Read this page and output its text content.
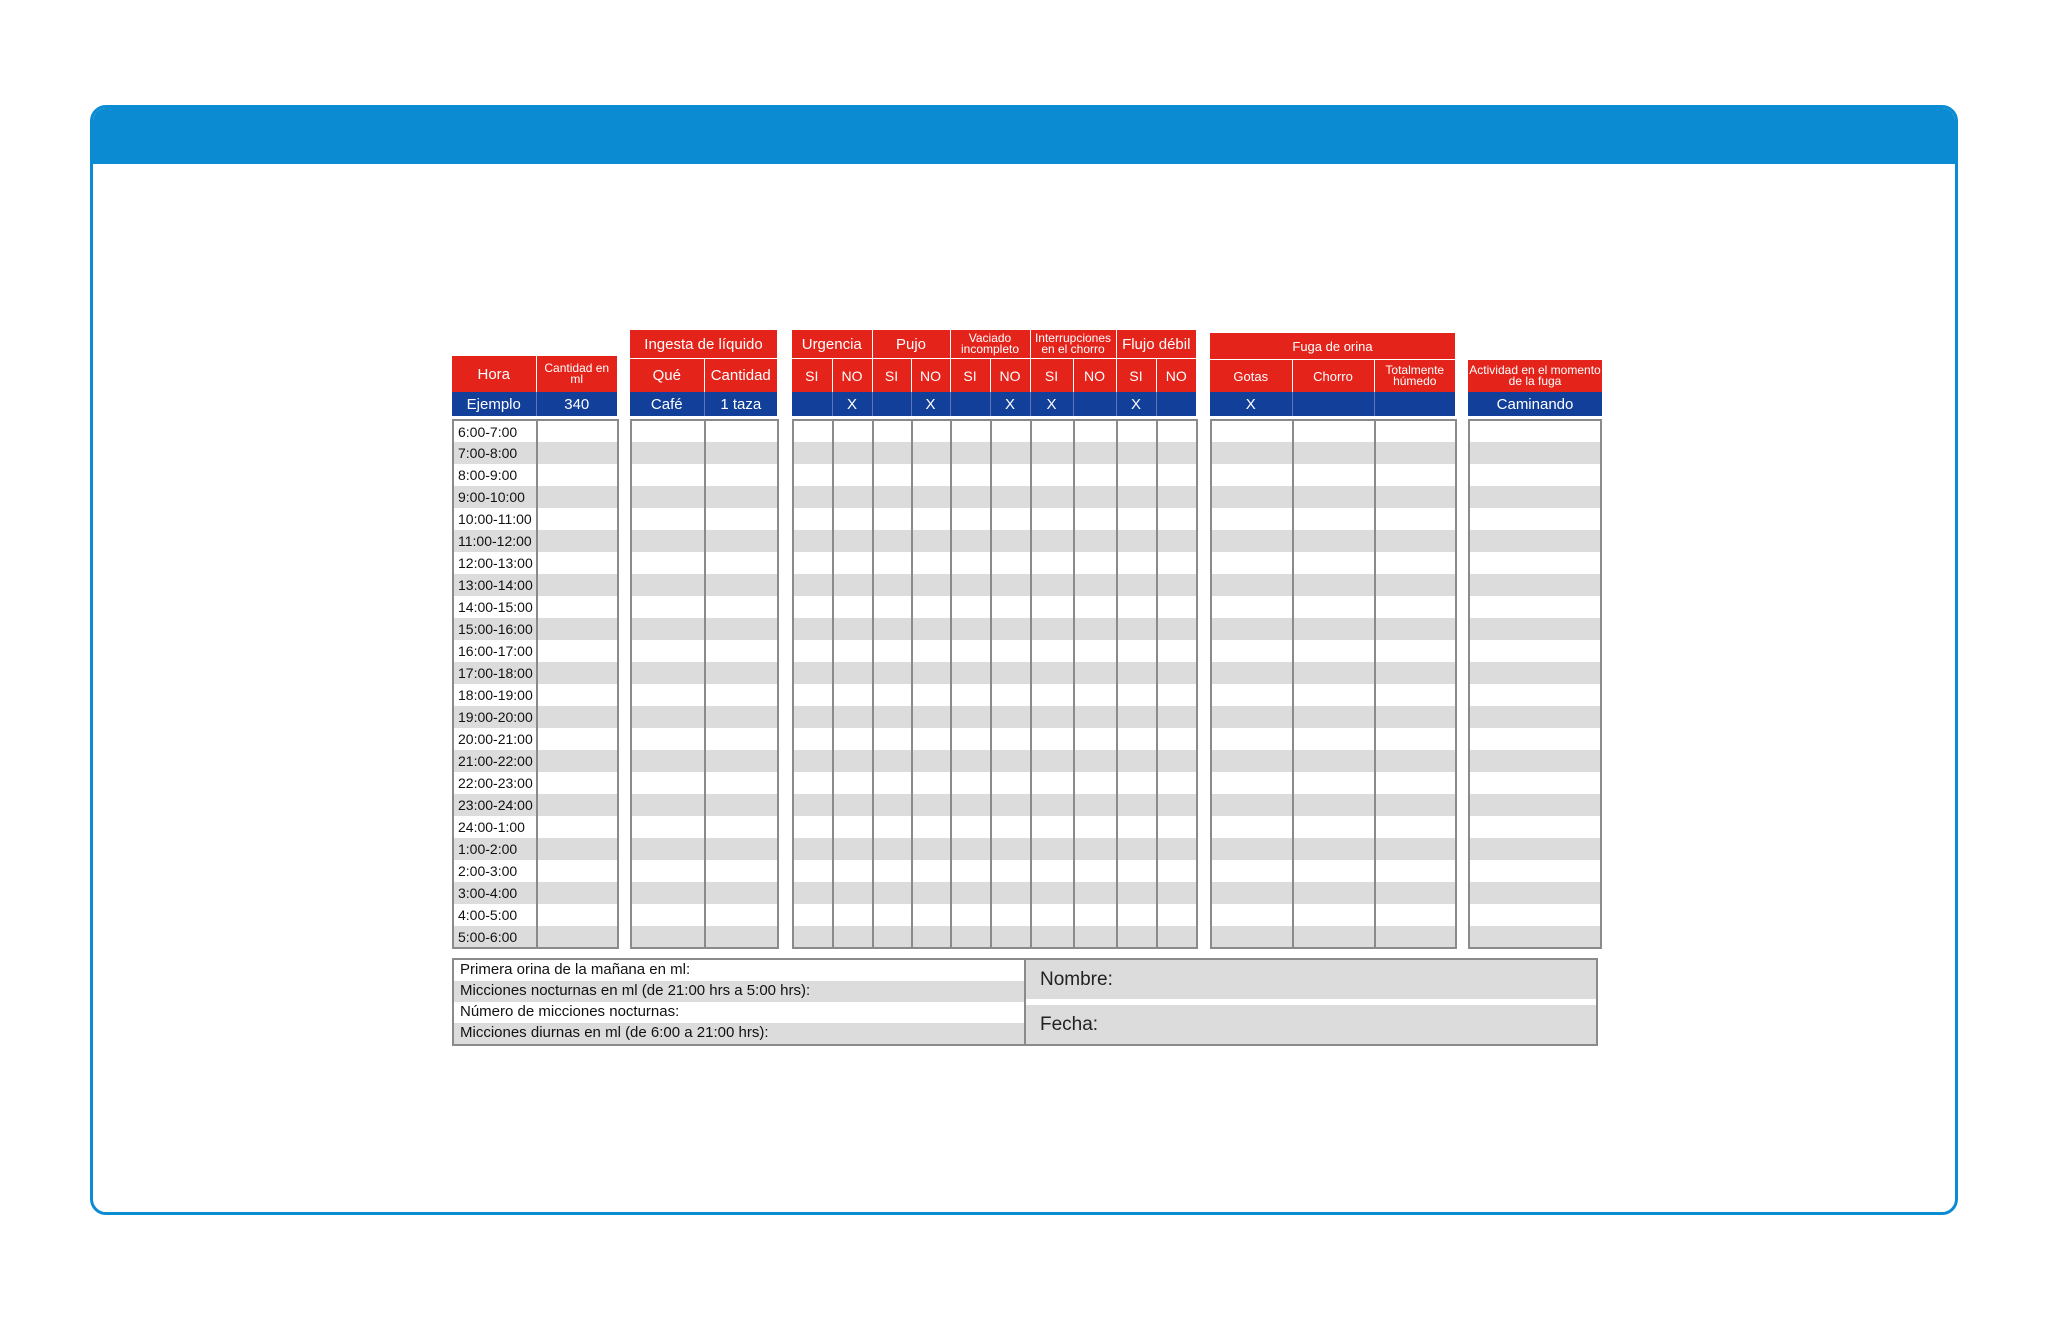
Hora	Cantidad en ml
Ejemplo	340
6:00-7:00	
7:00-8:00	
8:00-9:00	
9:00-10:00	
10:00-11:00	
11:00-12:00	
12:00-13:00	
13:00-14:00	
14:00-15:00	
15:00-16:00	
16:00-17:00	
17:00-18:00	
18:00-19:00	
19:00-20:00	
20:00-21:00	
21:00-22:00	
22:00-23:00	
23:00-24:00	
24:00-1:00	
1:00-2:00	
2:00-3:00	
3:00-4:00	
4:00-5:00	
5:00-6:00	
Ingesta de líquido
Qué	Cantidad
Café	1 taza

Urgencia	Pujo	Vaciado incompleto	Interrupciones en el chorro	Flujo débil
SI	NO	SI	NO	SI	NO	SI	NO	SI	NO
	X		X		X	X		X	

Fuga de orina
Gotas	Chorro	Totalmente húmedo
X		

Actividad en el momento de la fuga
Caminando

Primera orina de la mañana en ml:
Micciones nocturnas en ml (de 21:00 hrs a 5:00 hrs):
Número de micciones nocturnas:
Micciones diurnas en ml (de 6:00 a 21:00 hrs):
Nombre:
Fecha:
